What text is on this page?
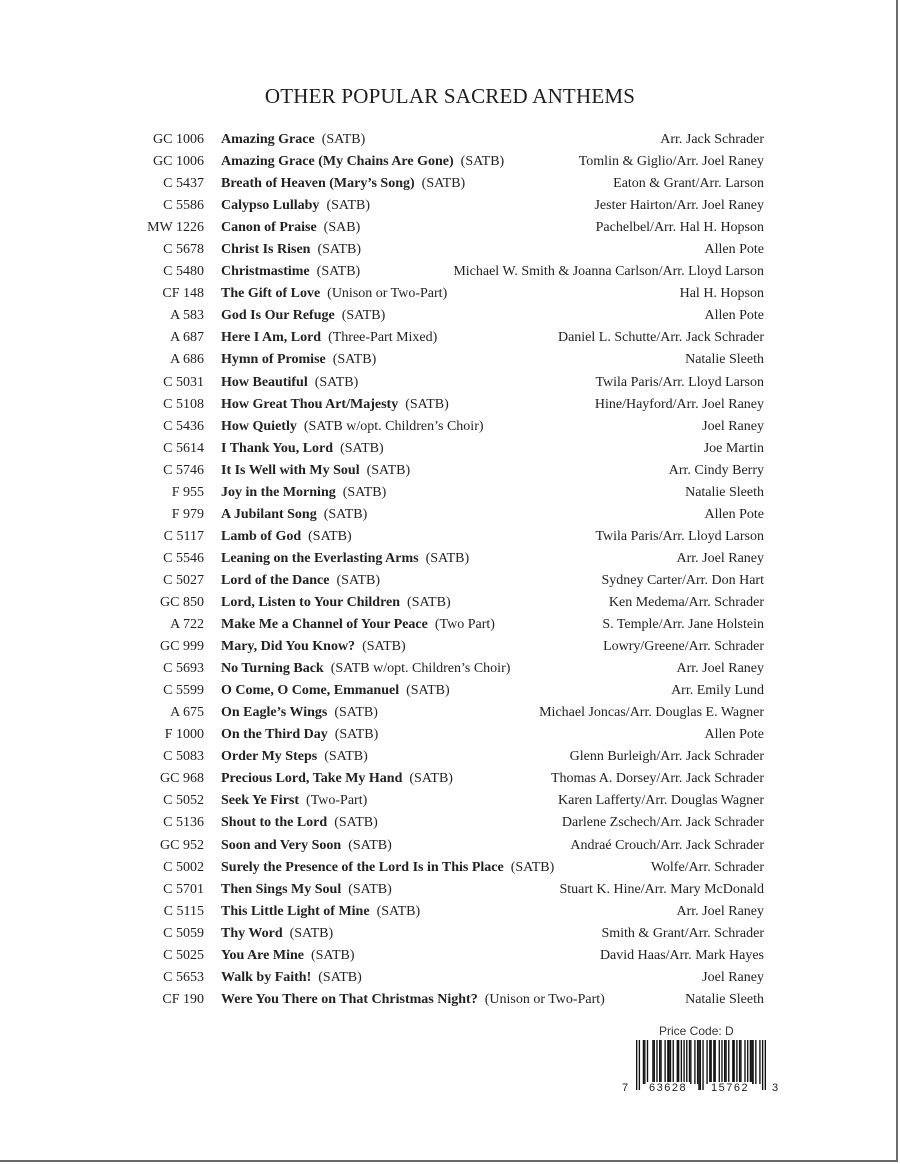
OTHER POPULAR SACRED ANTHEMS
GC 1006 Amazing Grace (SATB)	Arr. Jack Schrader
GC 1006 Amazing Grace (My Chains Are Gone) (SATB)	Tomlin & Giglio/Arr. Joel Raney
C 5437 Breath of Heaven (Mary’s Song) (SATB)	Eaton & Grant/Arr. Larson
C 5586 Calypso Lullaby (SATB)	Jester Hairton/Arr. Joel Raney
MW 1226 Canon of Praise (SAB)	Pachelbel/Arr. Hal H. Hopson
C 5678 Christ Is Risen (SATB)	Allen Pote
C 5480 Christmastime (SATB)	Michael W. Smith & Joanna Carlson/Arr. Lloyd Larson
CF 148 The Gift of Love (Unison or Two-Part)	Hal H. Hopson
A 583 God Is Our Refuge (SATB)	Allen Pote
A 687 Here I Am, Lord (Three-Part Mixed)	Daniel L. Schutte/Arr. Jack Schrader
A 686 Hymn of Promise (SATB)	Natalie Sleeth
C 5031 How Beautiful (SATB)	Twila Paris/Arr. Lloyd Larson
C 5108 How Great Thou Art/Majesty (SATB)	Hine/Hayford/Arr. Joel Raney
C 5436 How Quietly (SATB w/opt. Children’s Choir)	Joel Raney
C 5614 I Thank You, Lord (SATB)	Joe Martin
C 5746 It Is Well with My Soul (SATB)	Arr. Cindy Berry
F 955 Joy in the Morning (SATB)	Natalie Sleeth
F 979 A Jubilant Song (SATB)	Allen Pote
C 5117 Lamb of God (SATB)	Twila Paris/Arr. Lloyd Larson
C 5546 Leaning on the Everlasting Arms (SATB)	Arr. Joel Raney
C 5027 Lord of the Dance (SATB)	Sydney Carter/Arr. Don Hart
GC 850 Lord, Listen to Your Children (SATB)	Ken Medema/Arr. Schrader
A 722 Make Me a Channel of Your Peace (Two Part)	S. Temple/Arr. Jane Holstein
GC 999 Mary, Did You Know? (SATB)	Lowry/Greene/Arr. Schrader
C 5693 No Turning Back (SATB w/opt. Children’s Choir)	Arr. Joel Raney
C 5599 O Come, O Come, Emmanuel (SATB)	Arr. Emily Lund
A 675 On Eagle’s Wings (SATB)	Michael Joncas/Arr. Douglas E. Wagner
F 1000 On the Third Day (SATB)	Allen Pote
C 5083 Order My Steps (SATB)	Glenn Burleigh/Arr. Jack Schrader
GC 968 Precious Lord, Take My Hand (SATB)	Thomas A. Dorsey/Arr. Jack Schrader
C 5052 Seek Ye First (Two-Part)	Karen Lafferty/Arr. Douglas Wagner
C 5136 Shout to the Lord (SATB)	Darlene Zschech/Arr. Jack Schrader
GC 952 Soon and Very Soon (SATB)	Andraé Crouch/Arr. Jack Schrader
C 5002 Surely the Presence of the Lord Is in This Place (SATB)	Wolfe/Arr. Schrader
C 5701 Then Sings My Soul (SATB)	Stuart K. Hine/Arr. Mary McDonald
C 5115 This Little Light of Mine (SATB)	Arr. Joel Raney
C 5059 Thy Word (SATB)	Smith & Grant/Arr. Schrader
C 5025 You Are Mine (SATB)	David Haas/Arr. Mark Hayes
C 5653 Walk by Faith! (SATB)	Joel Raney
CF 190 Were You There on That Christmas Night? (Unison or Two-Part)	Natalie Sleeth
Price Code: D
7 63628 15762 3
